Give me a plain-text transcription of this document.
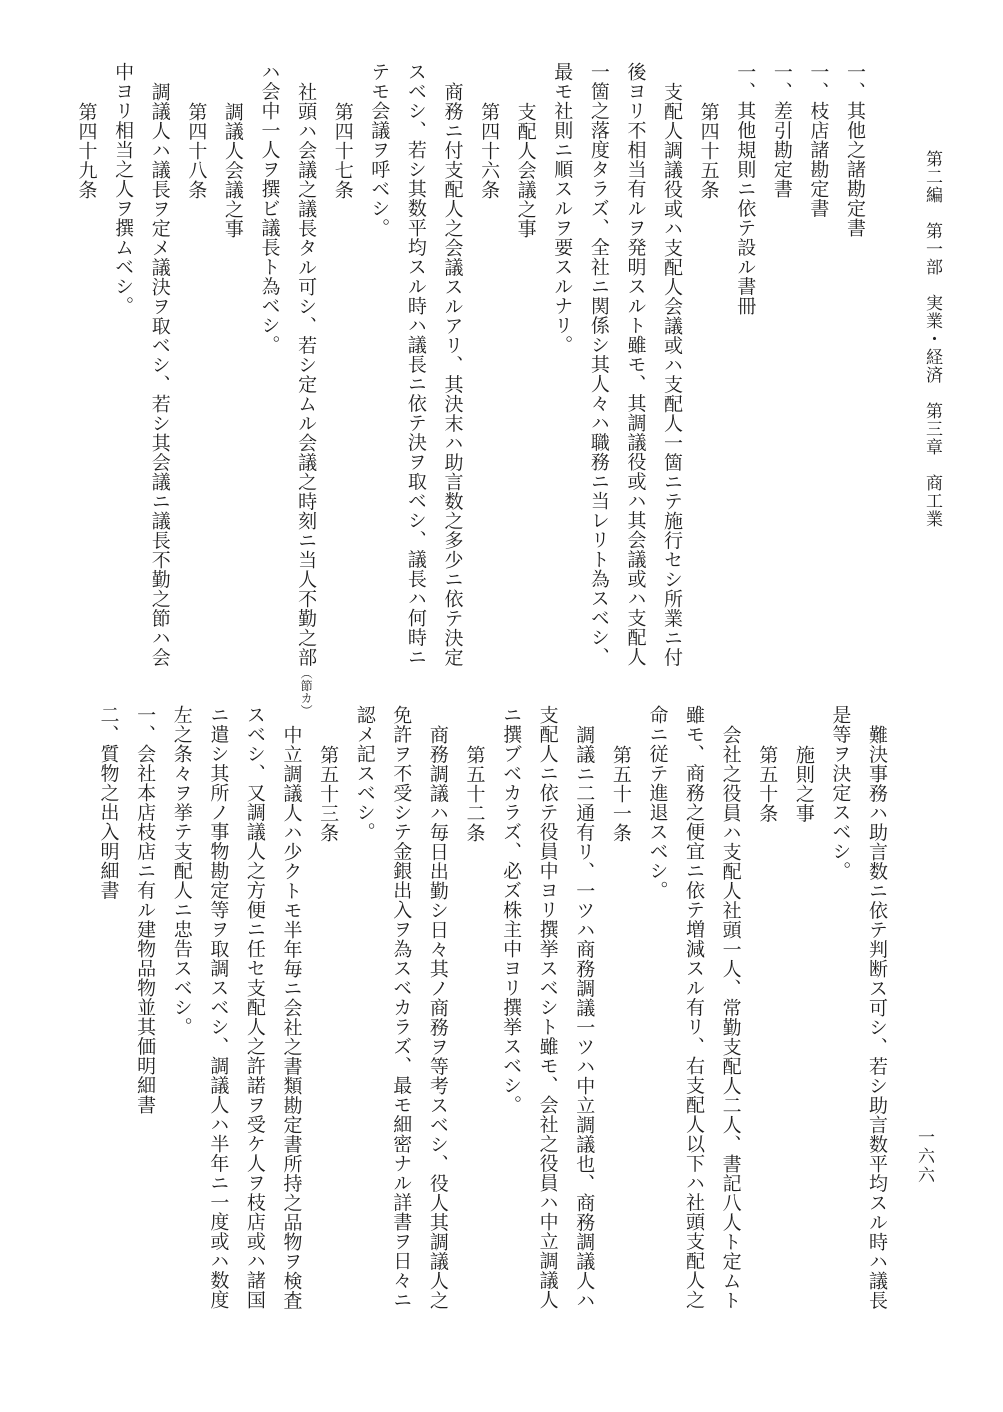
第二編　第一部　実業・経済　第三章　商工業
一六六
一、其他之諸勘定書
一、枝店諸勘定書
一、差引勘定書
一、其他規則ニ依テ設ル書冊
第四十五条
支配人調議役或ハ支配人会議或ハ支配人一箇ニテ施行セシ所業ニ付
後ヨリ不相当有ルヲ発明スルト雖モ、其調議役或ハ其会議或ハ支配人
一箇之落度タラズ、全社ニ関係シ其人々ハ職務ニ当レリト為スベシ、
最モ社則ニ順スルヲ要スルナリ。
支配人会議之事
第四十六条
商務ニ付支配人之会議スルアリ、其決末ハ助言数之多少ニ依テ決定
スベシ、若シ其数平均スル時ハ議長ニ依テ決ヲ取ベシ、議長ハ何時ニ
テモ会議ヲ呼ベシ。
第四十七条
社頭ハ会議之議長タル可シ、若シ定ムル会議之時刻ニ当人不勤之部（節カ）
ハ会中一人ヲ撰ビ議長ト為ベシ。
調議人会議之事
第四十八条
調議人ハ議長ヲ定メ議決ヲ取ベシ、若シ其会議ニ議長不勤之節ハ会
中ヨリ相当之人ヲ撰ムベシ。
第四十九条
難決事務ハ助言数ニ依テ判断ス可シ、若シ助言数平均スル時ハ議長
是等ヲ決定スベシ。
施則之事
第五十条
会社之役員ハ支配人社頭一人、常勤支配人二人、書記八人ト定ムト
雖モ、商務之便宜ニ依テ増減スル有リ、右支配人以下ハ社頭支配人之
命ニ従テ進退スベシ。
第五十一条
調議ニ二通有リ、一ツハ商務調議一ツハ中立調議也、商務調議人ハ
支配人ニ依テ役員中ヨリ撰挙スベシト雖モ、会社之役員ハ中立調議人
ニ撰ブベカラズ、必ズ株主中ヨリ撰挙スベシ。
第五十二条
商務調議ハ毎日出勤シ日々其ノ商務ヲ等考スベシ、役人其調議人之
免許ヲ不受シテ金銀出入ヲ為スベカラズ、最モ細密ナル詳書ヲ日々ニ
認メ記スベシ。
第五十三条
中立調議人ハ少クトモ半年毎ニ会社之書類勘定書所持之品物ヲ検査
スベシ、又調議人之方便ニ任セ支配人之許諾ヲ受ケ人ヲ枝店或ハ諸国
ニ遣シ其所ノ事物勘定等ヲ取調スベシ、調議人ハ半年ニ一度或ハ数度
左之条々ヲ挙テ支配人ニ忠告スベシ。
一、会社本店枝店ニ有ル建物品物並其価明細書
二、質物之出入明細書
